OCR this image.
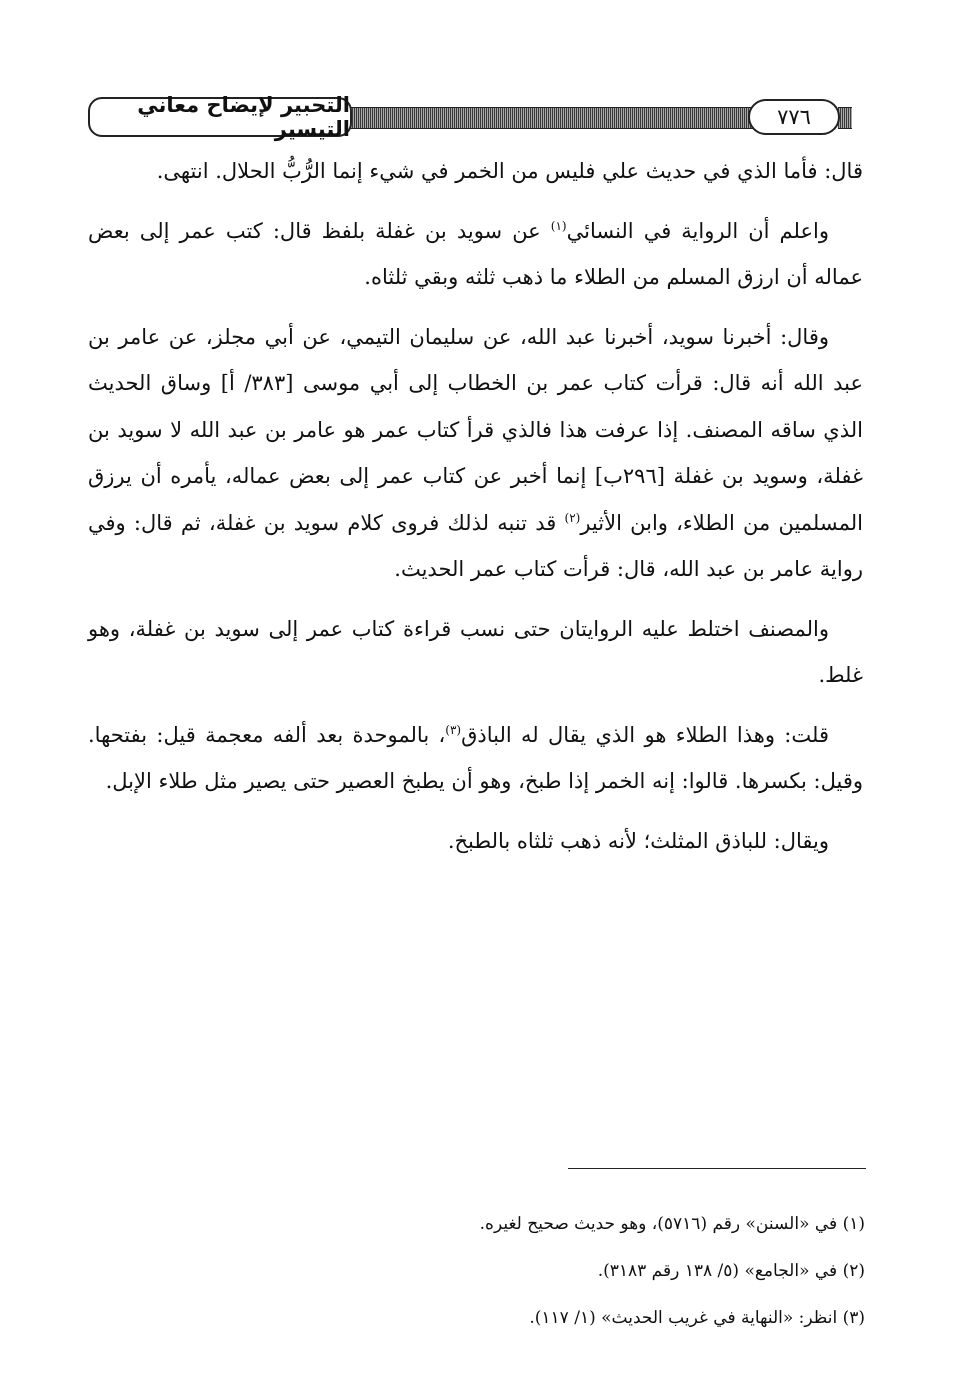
التحبير لإيضاح معاني التيسير	٧٧٦

قال: فأما الذي في حديث علي فليس من الخمر في شيء إنما الرُّبُّ الحلال. انتهى.

واعلم أن الرواية في النسائي$^{(١)}$ عن سويد بن غفلة بلفظ قال: كتب عمر إلى بعض عماله أن ارزق المسلم من الطلاء ما ذهب ثلثه وبقي ثلثاه.

وقال: أخبرنا سويد، أخبرنا عبد الله، عن سليمان التيمي، عن أبي مجلز، عن عامر بن عبد الله أنه قال: قرأت كتاب عمر بن الخطاب إلى أبي موسى [٣٨٣/ أ] وساق الحديث الذي ساقه المصنف. إذا عرفت هذا فالذي قرأ كتاب عمر هو عامر بن عبد الله لا سويد بن غفلة، وسويد بن غفلة [٢٩٦ب] إنما أخبر عن كتاب عمر إلى بعض عماله، يأمره أن يرزق المسلمين من الطلاء، وابن الأثير$^{(٢)}$ قد تنبه لذلك فروى كلام سويد بن غفلة، ثم قال: وفي رواية عامر بن عبد الله، قال: قرأت كتاب عمر الحديث.

والمصنف اختلط عليه الروايتان حتى نسب قراءة كتاب عمر إلى سويد بن غفلة، وهو غلط.

قلت: وهذا الطلاء هو الذي يقال له الباذق$^{(٣)}$، بالموحدة بعد ألفه معجمة قيل: بفتحها. وقيل: بكسرها. قالوا: إنه الخمر إذا طبخ، وهو أن يطبخ العصير حتى يصير مثل طلاء الإبل.

ويقال: للباذق المثلث؛ لأنه ذهب ثلثاه بالطبخ.

(١) في «السنن» رقم (٥٧١٦)، وهو حديث صحيح لغيره.
(٢) في «الجامع» (٥/ ١٣٨ رقم ٣١٨٣).
(٣) انظر: «النهاية في غريب الحديث» (١/ ١١٧).
